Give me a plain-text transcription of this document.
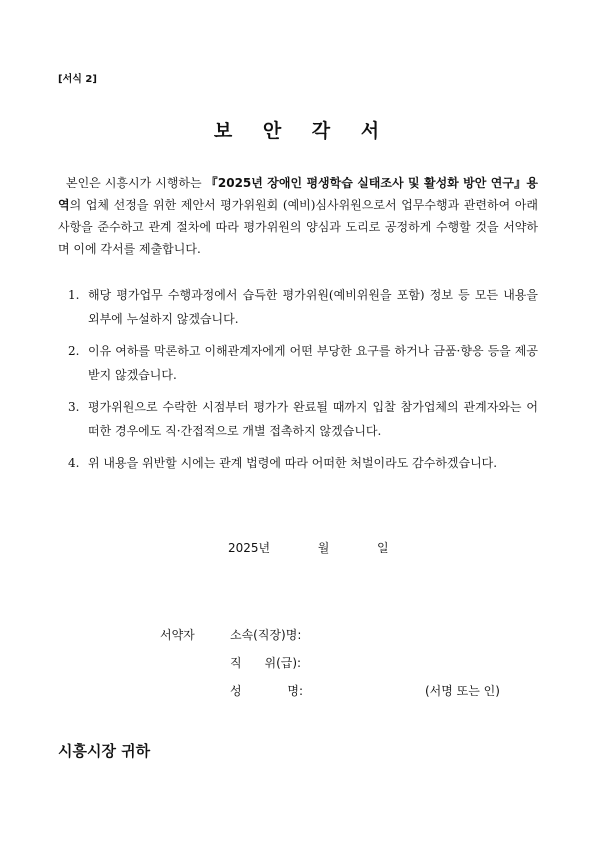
[서식 2]
보 안 각 서
본인은 시흥시가 시행하는 『2025년 장애인 평생학습 실태조사 및 활성화 방안 연구』용역의 업체 선정을 위한 제안서 평가위원회 (예비)심사위원으로서 업무수행과 관련하여 아래 사항을 준수하고 관계 절차에 따라 평가위원의 양심과 도리로 공정하게 수행할 것을 서약하며 이에 각서를 제출합니다.
1. 해당 평가업무 수행과정에서 습득한 평가위원(예비위원을 포함) 정보 등 모든 내용을 외부에 누설하지 않겠습니다.
2. 이유 여하를 막론하고 이해관계자에게 어떤 부당한 요구를 하거나 금품·향응 등을 제공받지 않겠습니다.
3. 평가위원으로 수락한 시점부터 평가가 완료될 때까지 입찰 참가업체의 관계자와는 어떠한 경우에도 직·간접적으로 개별 접촉하지 않겠습니다.
4. 위 내용을 위반할 시에는 관계 법령에 따라 어떠한 처벌이라도 감수하겠습니다.
2025년	월	일
서약자	소속(직장)명:
직      위(급):
성            명:	(서명 또는 인)
시흥시장 귀하
